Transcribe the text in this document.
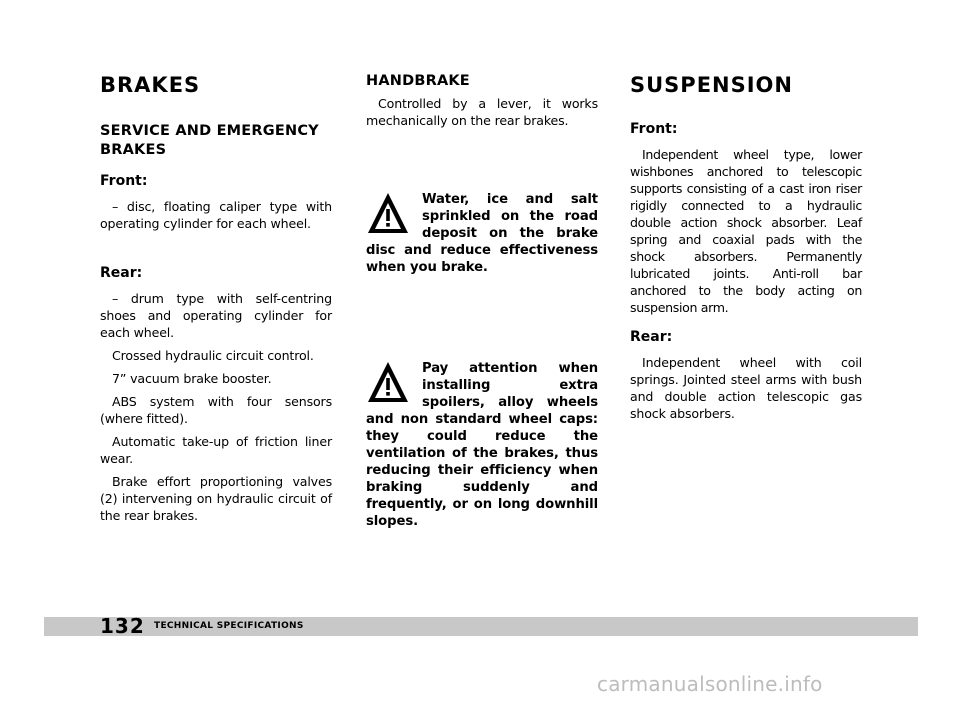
BRAKES
SERVICE AND EMERGENCY BRAKES
Front:

– disc, floating caliper type with operating cylinder for each wheel.

Rear:

– drum type with self-centring shoes and operating cylinder for each wheel.

Crossed hydraulic circuit control.

7” vacuum brake booster.

ABS system with four sensors (where fitted).

Automatic take-up of friction liner wear.

Brake effort proportioning valves (2) intervening on hydraulic circuit of the rear brakes.

HANDBRAKE

Controlled by a lever, it works mechanically on the rear brakes.

Water, ice and salt sprinkled on the road deposit on the brake disc and reduce effectiveness when you brake.

Pay attention when installing extra spoilers, alloy wheels and non standard wheel caps: they could reduce the ventilation of the brakes, thus reducing their efficiency when braking suddenly and frequently, or on long downhill slopes.

SUSPENSION
Front:

Independent wheel type, lower wishbones anchored to telescopic supports consisting of a cast iron riser rigidly connected to a hydraulic double action shock absorber. Leaf spring and coaxial pads with the shock absorbers. Permanently lubricated joints. Anti-roll bar anchored to the body acting on suspension arm.

Rear:

Independent wheel with coil springs. Jointed steel arms with bush and double action telescopic gas shock absorbers.

132 TECHNICAL SPECIFICATIONS
carmanualsonline.info
